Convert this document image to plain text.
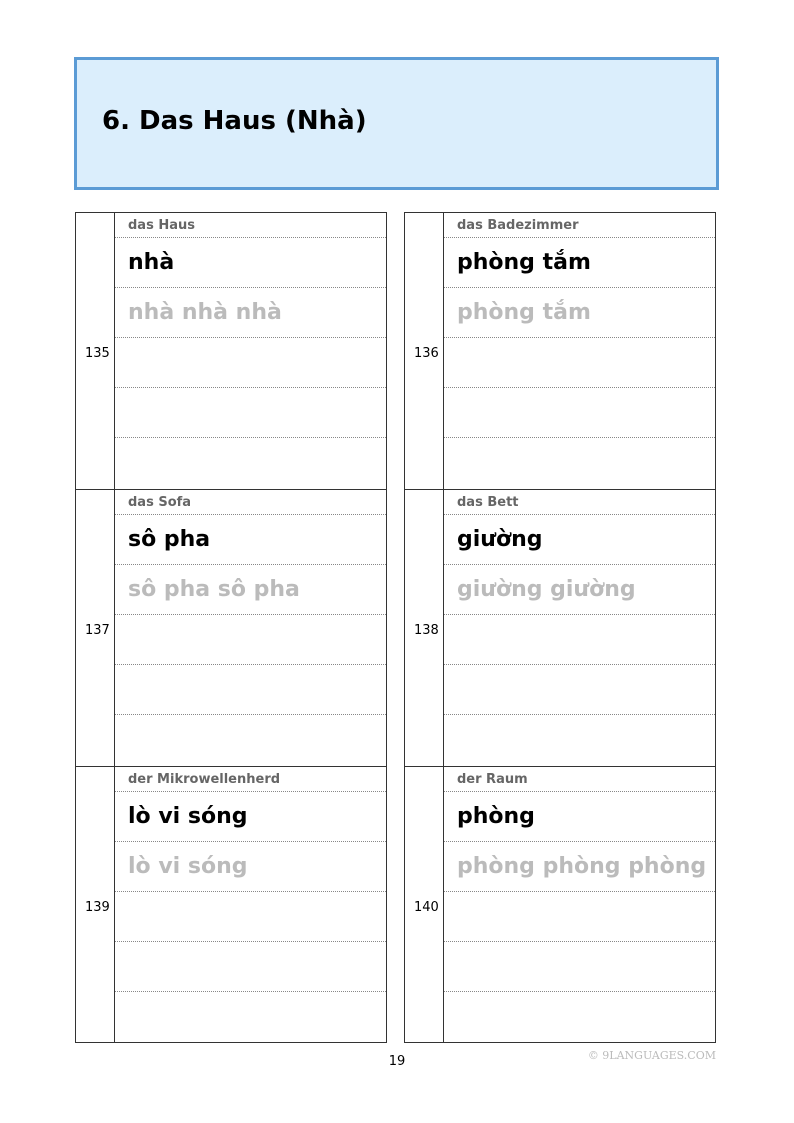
6. Das Haus (Nhà)
135
das Haus
nhà
nhà nhà nhà
136
das Badezimmer
phòng tắm
phòng tắm
137
das Sofa
sô pha
sô pha sô pha
138
das Bett
giường
giường giường
139
der Mikrowellenherd
lò vi sóng
lò vi sóng
140
der Raum
phòng
phòng phòng phòng
19	© 9LANGUAGES.COM
